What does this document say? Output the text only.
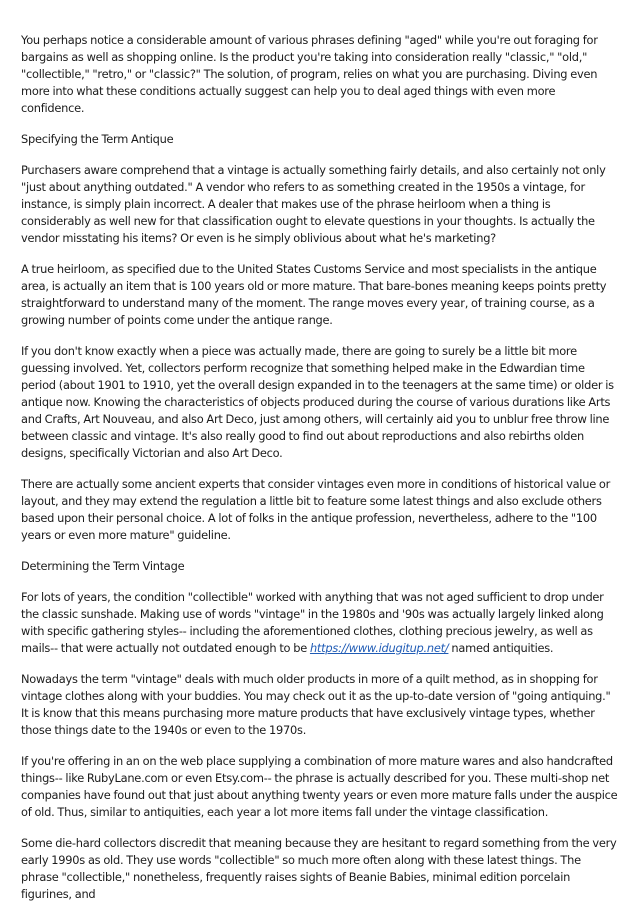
You perhaps notice a considerable amount of various phrases defining "aged" while you're out foraging for bargains as well as shopping online. Is the product you're taking into consideration really "classic," "old," "collectible," "retro," or "classic?" The solution, of program, relies on what you are purchasing. Diving even more into what these conditions actually suggest can help you to deal aged things with even more confidence.

Specifying the Term Antique

Purchasers aware comprehend that a vintage is actually something fairly details, and also certainly not only "just about anything outdated." A vendor who refers to as something created in the 1950s a vintage, for instance, is simply plain incorrect. A dealer that makes use of the phrase heirloom when a thing is considerably as well new for that classification ought to elevate questions in your thoughts. Is actually the vendor misstating his items? Or even is he simply oblivious about what he's marketing?

A true heirloom, as specified due to the United States Customs Service and most specialists in the antique area, is actually an item that is 100 years old or more mature. That bare-bones meaning keeps points pretty straightforward to understand many of the moment. The range moves every year, of training course, as a growing number of points come under the antique range.

If you don't know exactly when a piece was actually made, there are going to surely be a little bit more guessing involved. Yet, collectors perform recognize that something helped make in the Edwardian time period (about 1901 to 1910, yet the overall design expanded in to the teenagers at the same time) or older is antique now. Knowing the characteristics of objects produced during the course of various durations like Arts and Crafts, Art Nouveau, and also Art Deco, just among others, will certainly aid you to unblur free throw line between classic and vintage. It's also really good to find out about reproductions and also rebirths olden designs, specifically Victorian and also Art Deco.

There are actually some ancient experts that consider vintages even more in conditions of historical value or layout, and they may extend the regulation a little bit to feature some latest things and also exclude others based upon their personal choice. A lot of folks in the antique profession, nevertheless, adhere to the "100 years or even more mature" guideline.

Determining the Term Vintage

For lots of years, the condition "collectible" worked with anything that was not aged sufficient to drop under the classic sunshade. Making use of words "vintage" in the 1980s and '90s was actually largely linked along with specific gathering styles-- including the aforementioned clothes, clothing precious jewelry, as well as mails-- that were actually not outdated enough to be https://www.idugitup.net/ named antiquities.

Nowadays the term "vintage" deals with much older products in more of a quilt method, as in shopping for vintage clothes along with your buddies. You may check out it as the up-to-date version of "going antiquing." It is know that this means purchasing more mature products that have exclusively vintage types, whether those things date to the 1940s or even to the 1970s.

If you're offering in an on the web place supplying a combination of more mature wares and also handcrafted things-- like RubyLane.com or even Etsy.com-- the phrase is actually described for you. These multi-shop net companies have found out that just about anything twenty years or even more mature falls under the auspice of old. Thus, similar to antiquities, each year a lot more items fall under the vintage classification.

Some die-hard collectors discredit that meaning because they are hesitant to regard something from the very early 1990s as old. They use words "collectible" so much more often along with these latest things. The phrase "collectible," nonetheless, frequently raises sights of Beanie Babies, minimal edition porcelain figurines, and
